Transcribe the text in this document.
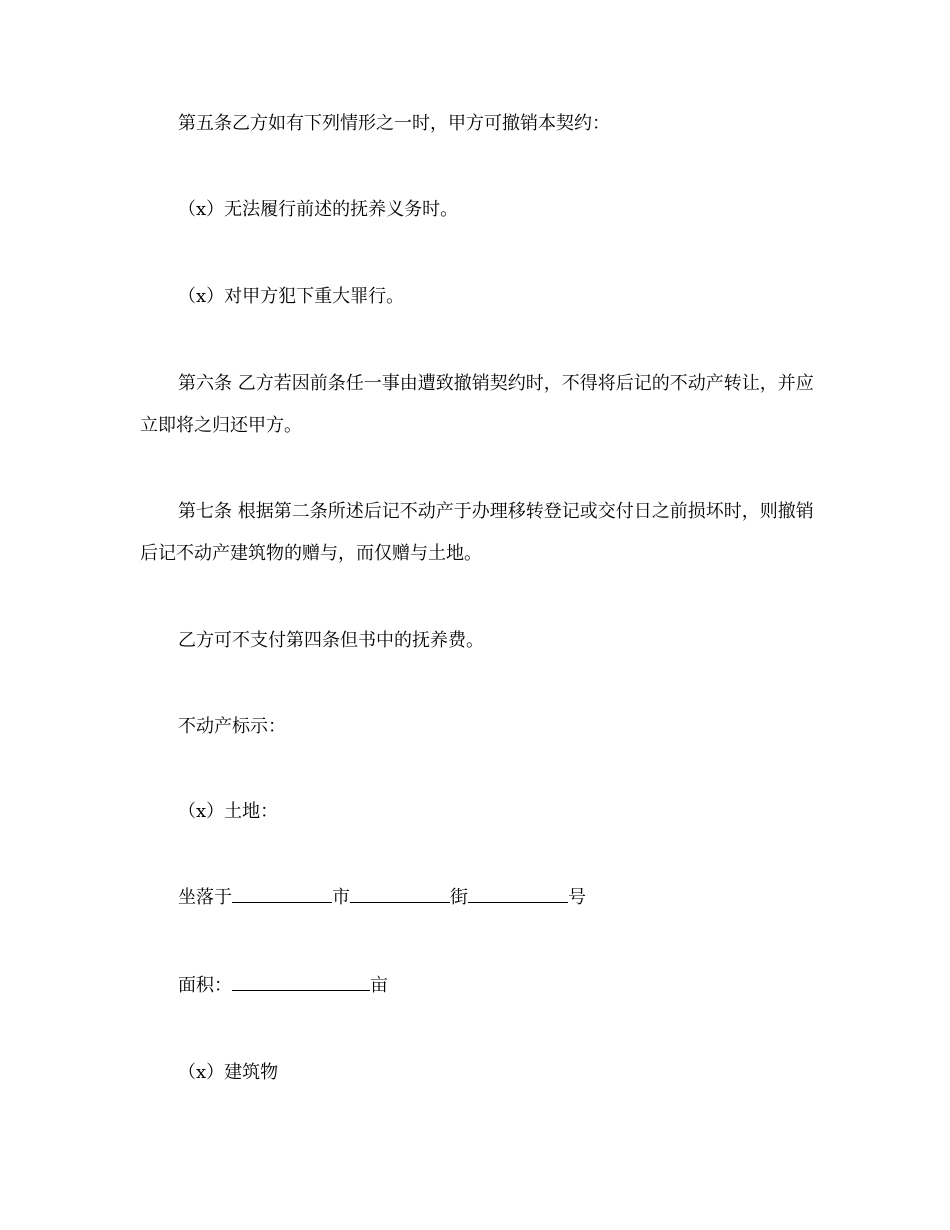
第五条乙方如有下列情形之一时，甲方可撤销本契约：

（x）无法履行前述的抚养义务时。

（x）对甲方犯下重大罪行。

第六条 乙方若因前条任一事由遭致撤销契约时，不得将后记的不动产转让，并应立即将之归还甲方。

第七条 根据第二条所述后记不动产于办理移转登记或交付日之前损坏时，则撤销后记不动产建筑物的赠与，而仅赠与土地。

乙方可不支付第四条但书中的抚养费。

不动产标示：

（x）土地：

坐落于	市	街	号

面积：	亩

（x）建筑物
